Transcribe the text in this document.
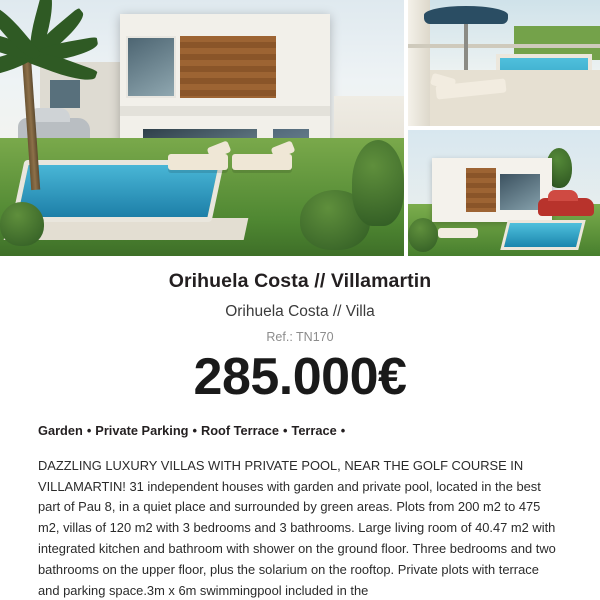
Orihuela Costa // Villamartin
Orihuela Costa // Villa
Ref.: TN170
285.000€
Garden • Private Parking • Roof Terrace • Terrace •

DAZZLING LUXURY VILLAS WITH PRIVATE POOL, NEAR THE GOLF COURSE IN VILLAMARTIN! 31 independent houses with garden and private pool, located in the best part of Pau 8, in a quiet place and surrounded by green areas. Plots from 200 m2 to 475 m2, villas of 120 m2 with 3 bedrooms and 3 bathrooms. Large living room of 40.47 m2 with integrated kitchen and bathroom with shower on the ground floor. Three bedrooms and two bathrooms on the upper floor, plus the solarium on the rooftop. Private plots with terrace and parking space.3m x 6m swimmingpool included in the
